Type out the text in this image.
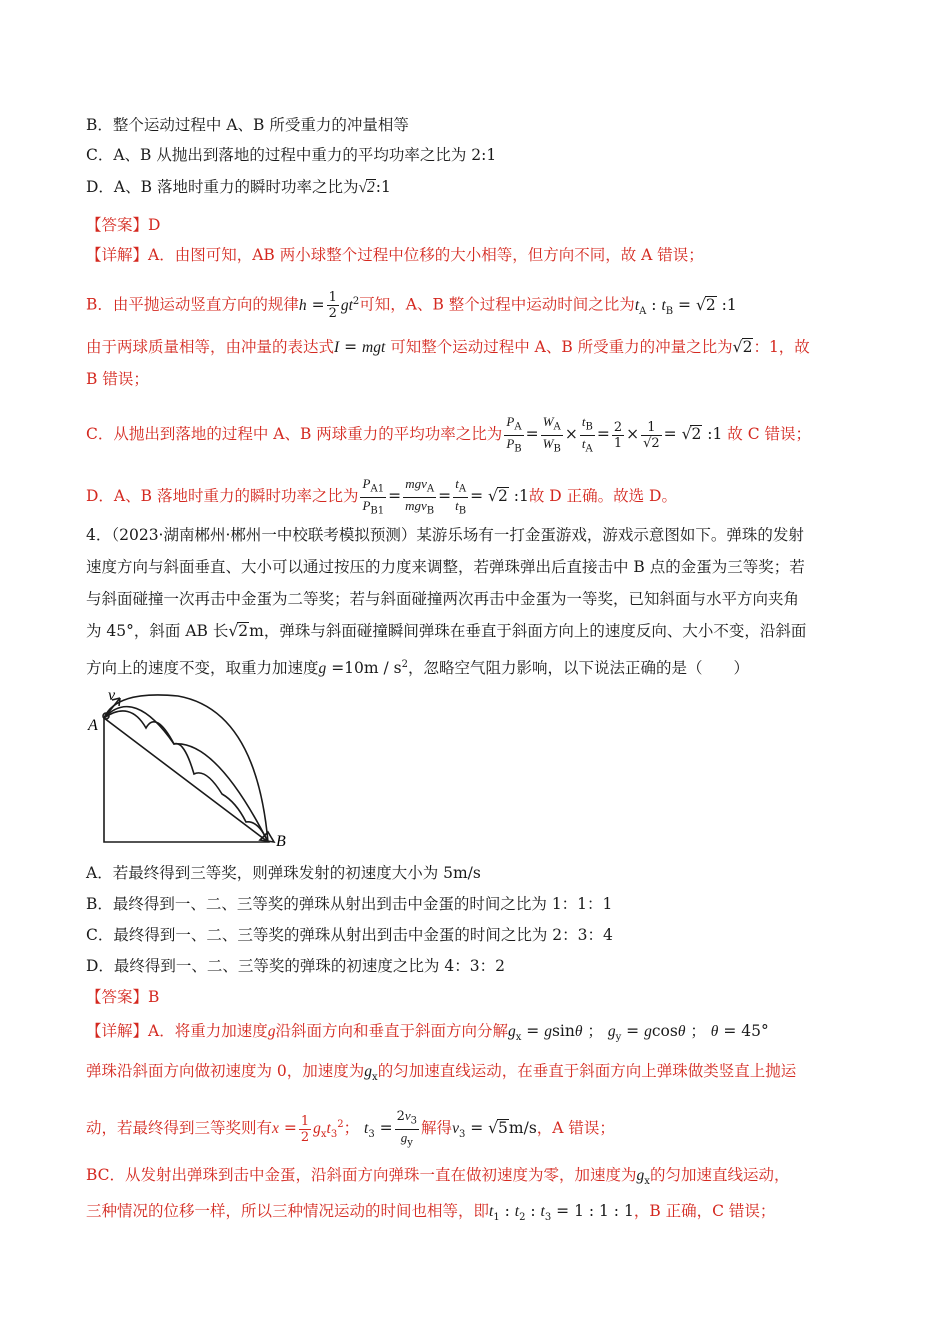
B．整个运动过程中 A、B 所受重力的冲量相等
C．A、B 从抛出到落地的过程中重力的平均功率之比为 2:1
D．A、B 落地时重力的瞬时功率之比为√2:1
【答案】D
【详解】A．由图可知，AB 两小球整个过程中位移的大小相等，但方向不同，故 A 错误；
B．由平抛运动竖直方向的规律$h = \frac{1}{2} gt^2$可知，A、B 整个过程中运动时间之比为$t_A$ : $t_B = √2$ :1
由于两球质量相等，由冲量的表达式I = mgt 可知整个运动过程中 A、B 所受重力的冲量之比为√2：1，故
B 错误；
C．从抛出到落地的过程中 A、B 两球重力的平均功率之比为 $\frac{P_A}{P_B} = \frac{W_A}{W_B} \times \frac{t_B}{t_A} = \frac{2}{1} \times \frac{1}{√2} = √2$ :1 故 C 错误；
D．A、B 落地时重力的瞬时功率之比为 $\frac{P_{A1}}{P_{B1}} = \frac{mgv_A}{mgv_B} = \frac{t_A}{t_B} = √2$ :1故 D 正确。故选 D。
4．（2023·湖南郴州·郴州一中校联考模拟预测）某游乐场有一打金蛋游戏，游戏示意图如下。弹珠的发射
速度方向与斜面垂直、大小可以通过按压的力度来调整，若弹珠弹出后直接击中 B 点的金蛋为三等奖；若
与斜面碰撞一次再击中金蛋为二等奖；若与斜面碰撞两次再击中金蛋为一等奖，已知斜面与水平方向夹角
为 45°，斜面 AB 长√2m，弹珠与斜面碰撞瞬间弹珠在垂直于斜面方向上的速度反向、大小不变，沿斜面
方向上的速度不变，取重力加速度$g =10m / s^2$，忽略空气阻力影响，以下说法正确的是（　　）
v
A
B
A．若最终得到三等奖，则弹珠发射的初速度大小为 5m/s
B．最终得到一、二、三等奖的弹珠从射出到击中金蛋的时间之比为 1：1：1
C．最终得到一、二、三等奖的弹珠从射出到击中金蛋的时间之比为 2：3：4
D．最终得到一、二、三等奖的弹珠的初速度之比为 4：3：2
【答案】B
【详解】A．将重力加速度g沿斜面方向和垂直于斜面方向分解$g_x = gsin\theta$ ； $g_y = gcos\theta$ ； θ = 45°
弹珠沿斜面方向做初速度为 0，加速度为$g_x$的匀加速直线运动，在垂直于斜面方向上弹珠做类竖直上抛运
动，若最终得到三等奖则有$x = \frac{1}{2} g_xt_3^2$； $t_3 = \frac{2v_3}{g_y}$ 解得$v_3 = √5m/s$，A 错误；
BC．从发射出弹珠到击中金蛋，沿斜面方向弹珠一直在做初速度为零，加速度为$g_x$的匀加速直线运动，
三种情况的位移一样，所以三种情况运动的时间也相等，即$t_1$ : $t_2$ : $t_3 = 1$ : 1 : 1，B 正确，C 错误；
